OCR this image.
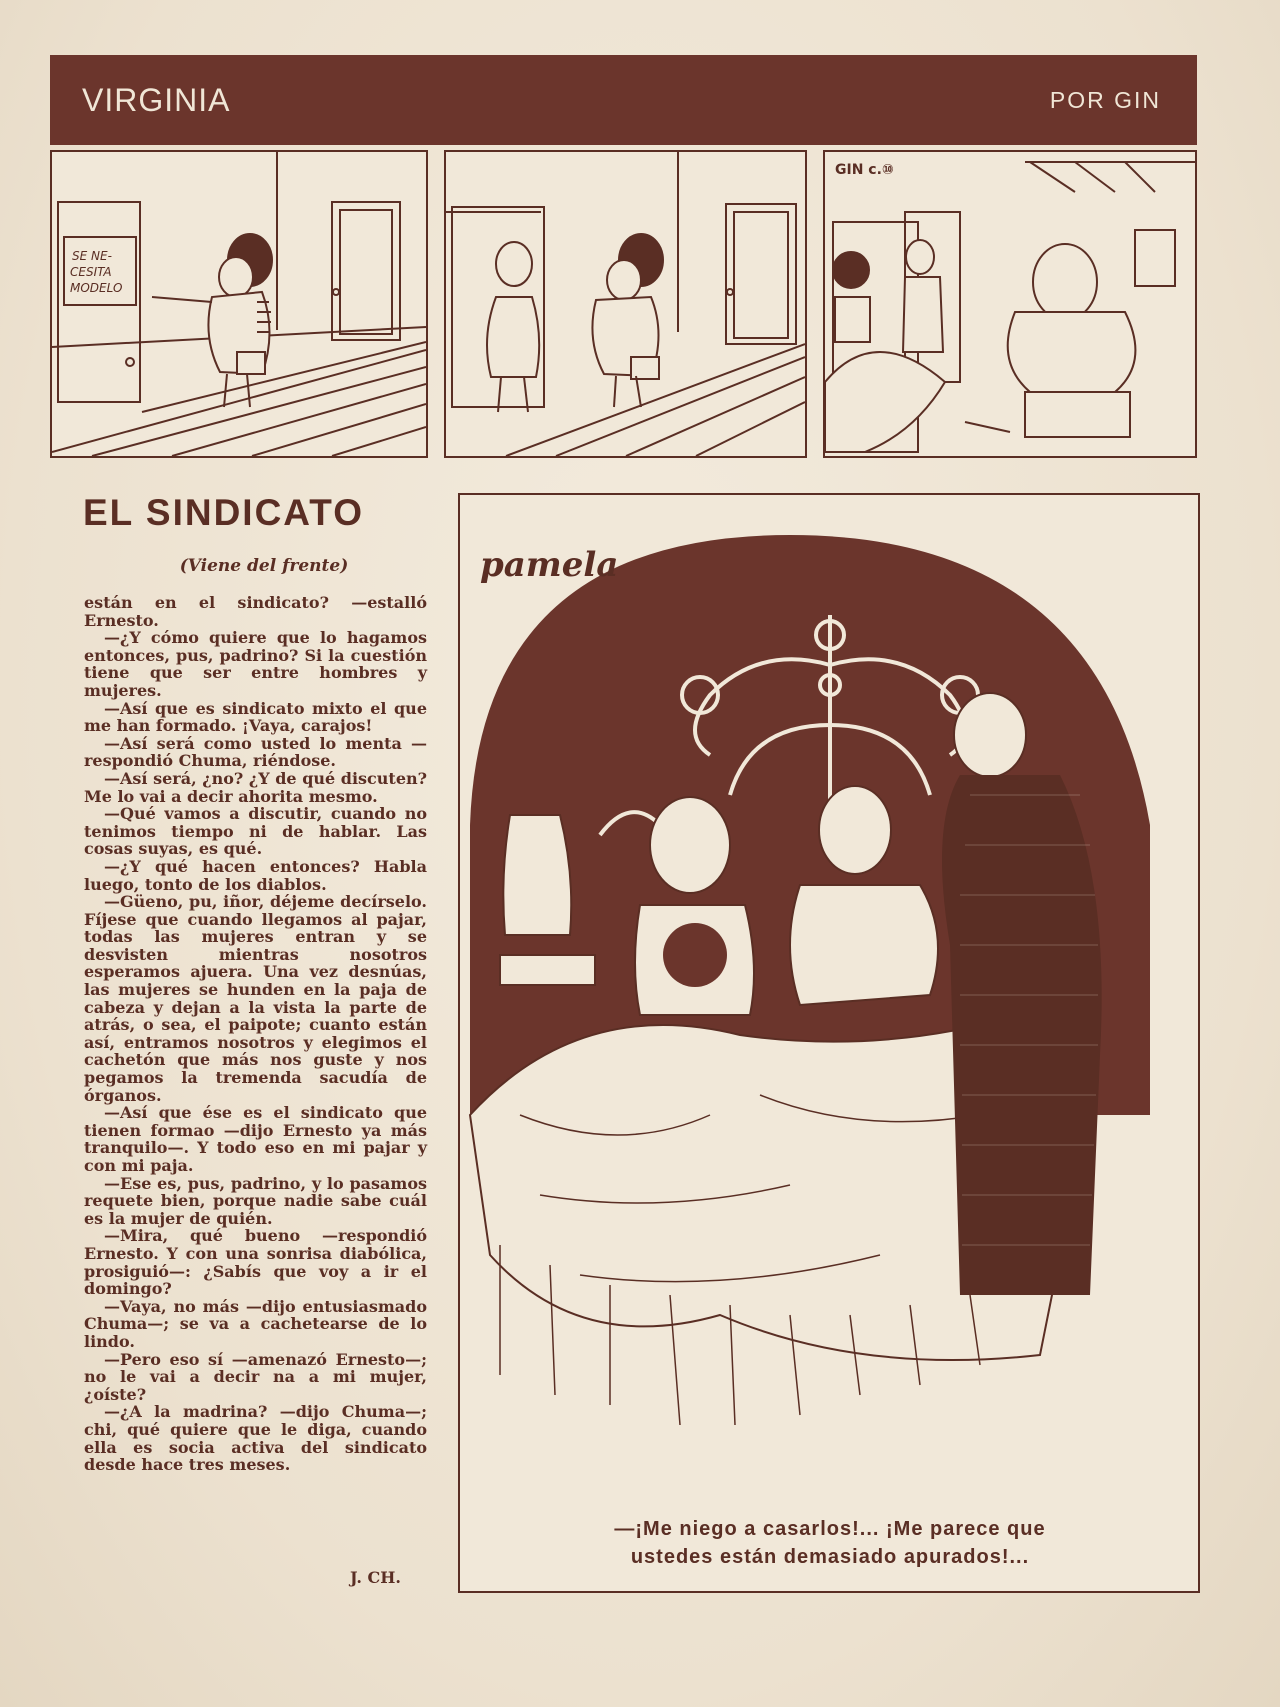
VIRGINIA	POR GIN
SE NE-
CESITA
MODELO
GIN c.⑩
EL SINDICATO
(Viene del frente)

están en el sindicato? —estalló Ernesto.

—¿Y cómo quiere que lo hagamos entonces, pus, padrino? Si la cuestión tiene que ser entre hombres y mujeres.

—Así que es sindicato mixto el que me han formado. ¡Vaya, carajos!

—Así será como usted lo menta —respondió Chuma, riéndose.

—Así será, ¿no? ¿Y de qué discuten? Me lo vai a decir ahorita mesmo.

—Qué vamos a discutir, cuando no tenimos tiempo ni de hablar. Las cosas suyas, es qué.

—¿Y qué hacen entonces? Habla luego, tonto de los diablos.

—Güeno, pu, iñor, déjeme decírselo. Fíjese que cuando llegamos al pajar, todas las mujeres entran y se desvisten mientras nosotros esperamos ajuera. Una vez desnúas, las mujeres se hunden en la paja de cabeza y dejan a la vista la parte de atrás, o sea, el paipote; cuanto están así, entramos nosotros y elegimos el cachetón que más nos guste y nos pegamos la tremenda sacudía de órganos.

—Así que ése es el sindicato que tienen formao —dijo Ernesto ya más tranquilo—. Y todo eso en mi pajar y con mi paja.

—Ese es, pus, padrino, y lo pasamos requete bien, porque nadie sabe cuál es la mujer de quién.

—Mira, qué bueno —respondió Ernesto. Y con una sonrisa diabólica, prosiguió—: ¿Sabís que voy a ir el domingo?

—Vaya, no más —dijo entusiasmado Chuma—; se va a cachetearse de lo lindo.

—Pero eso sí —amenazó Ernesto—; no le vai a decir na a mi mujer, ¿oíste?

—¿A la madrina? —dijo Chuma—; chi, qué quiere que le diga, cuando ella es socia activa del sindicato desde hace tres meses.

J. CH.
pamela
—¡Me niego a casarlos!... ¡Me parece que
ustedes están demasiado apurados!...
